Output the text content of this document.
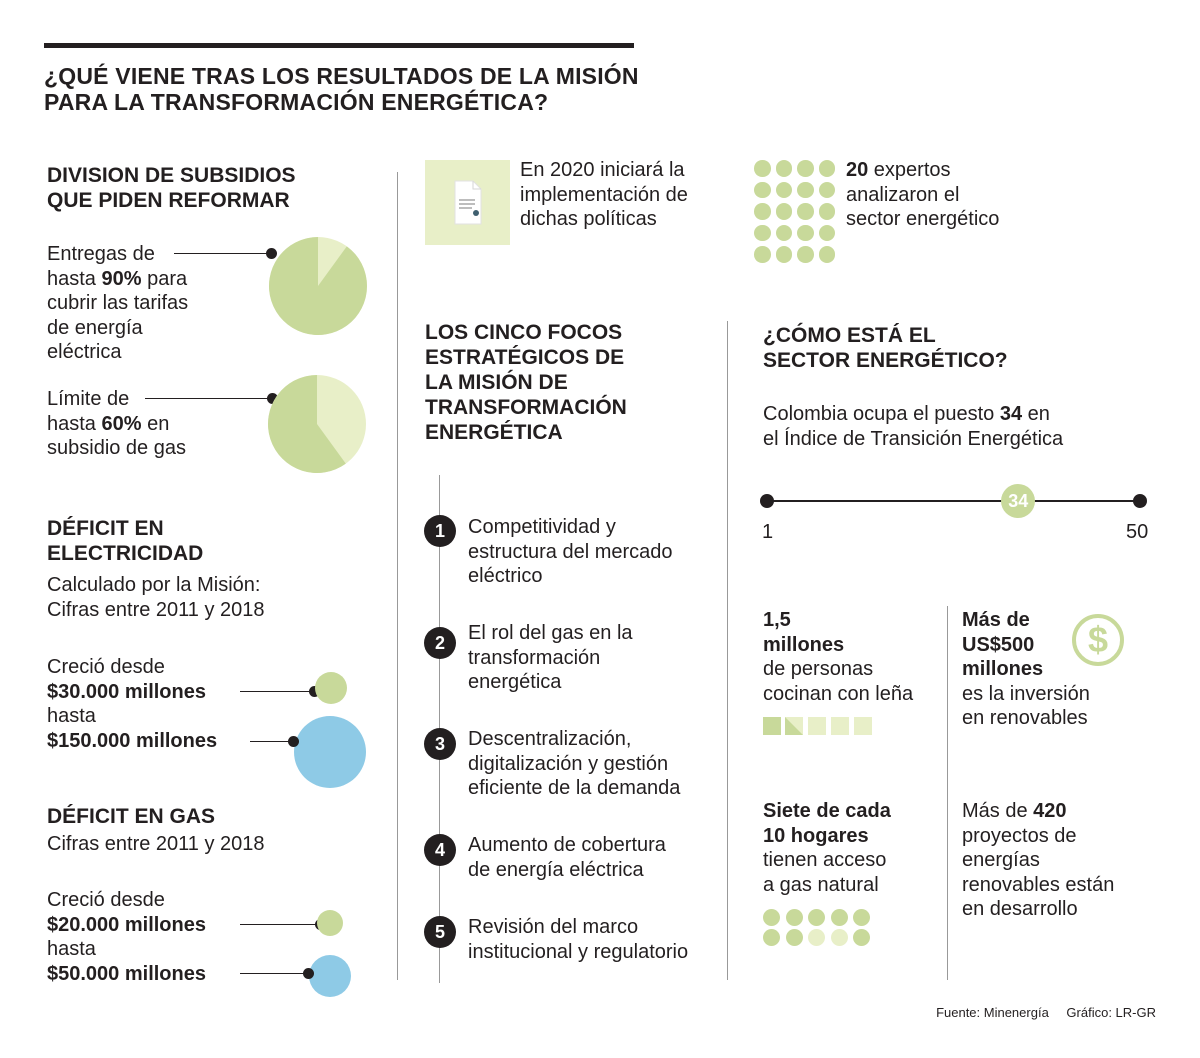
¿QUÉ VIENE TRAS LOS RESULTADOS DE LA MISIÓN
PARA LA TRANSFORMACIÓN ENERGÉTICA?
DIVISION DE SUBSIDIOS
QUE PIDEN REFORMAR
Entregas de
hasta 90% para
cubrir las tarifas
de energía
eléctrica
Límite de
hasta 60% en
subsidio de gas
DÉFICIT EN
ELECTRICIDAD
Calculado por la Misión:
Cifras entre 2011 y 2018
Creció desde
$30.000 millones
hasta
$150.000 millones
DÉFICIT EN GAS
Cifras entre 2011 y 2018
Creció desde
$20.000 millones
hasta
$50.000 millones
En 2020 iniciará la
implementación de
dichas políticas
LOS CINCO FOCOS
ESTRATÉGICOS DE
LA MISIÓN DE
TRANSFORMACIÓN
ENERGÉTICA
1	Competitividad y
estructura del mercado
eléctrico
2	El rol del gas en la
transformación
energética
3	Descentralización,
digitalización y gestión
eficiente de la demanda
4	Aumento de cobertura
de energía eléctrica
5	Revisión del marco
institucional y regulatorio
20 expertos
analizaron el
sector energético
¿CÓMO ESTÁ EL
SECTOR ENERGÉTICO?
Colombia ocupa el puesto 34 en
el Índice de Transición Energética
34
1	50
1,5
millones
de personas
cocinan con leña
Más de
US$500
millones
es la inversión
en renovables
$
Siete de cada
10 hogares
tienen acceso
a gas natural
Más de 420
proyectos de
energías
renovables están
en desarrollo
Fuente: Minenergía Gráfico: LR-GR
